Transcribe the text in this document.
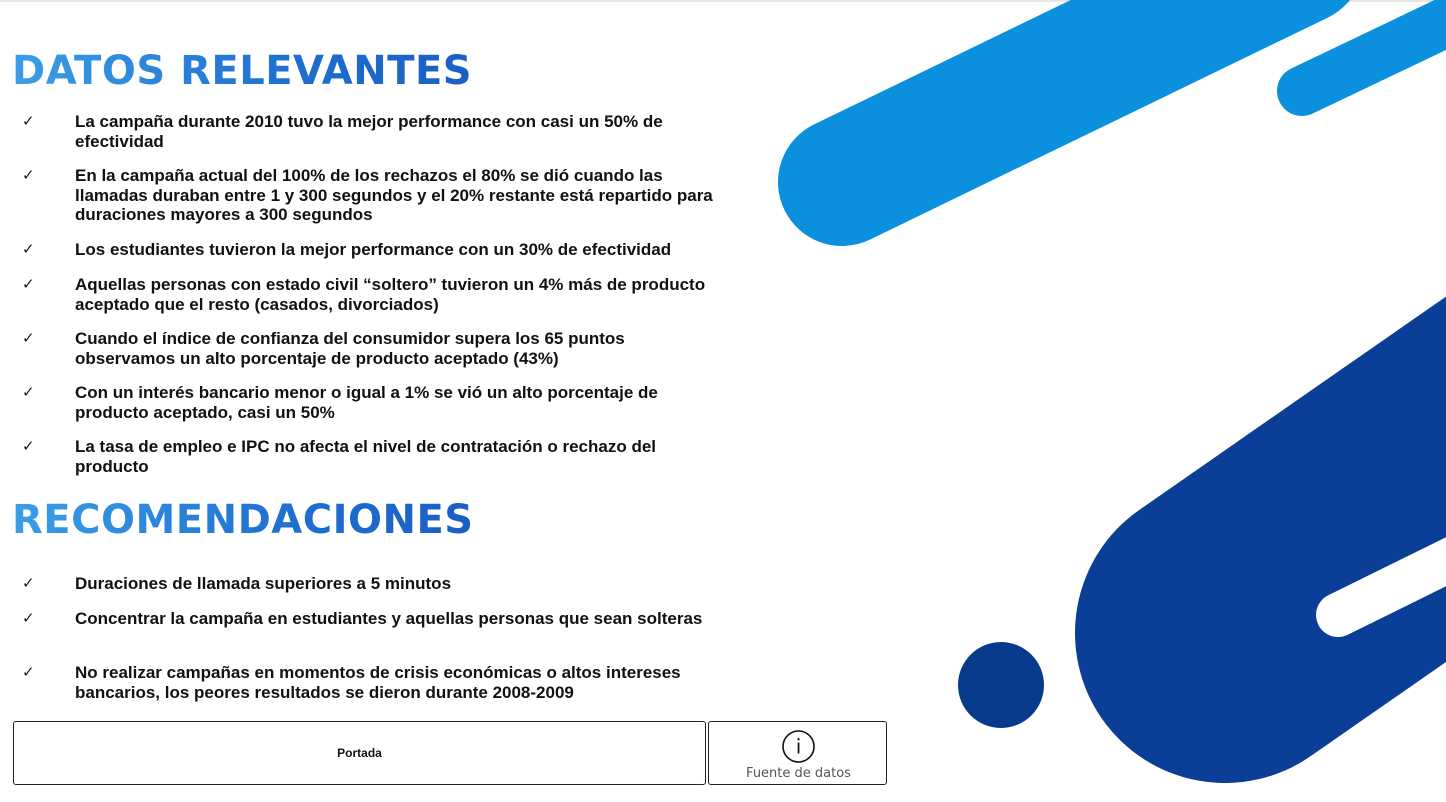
DATOS RELEVANTES
✓ La campaña durante 2010 tuvo la mejor performance con casi un 50% de efectividad
✓ En la campaña actual del 100% de los rechazos el 80% se dió cuando las llamadas duraban entre 1 y 300 segundos y el 20% restante está repartido para duraciones mayores a 300 segundos
✓ Los estudiantes tuvieron la mejor performance con un 30% de efectividad
✓ Aquellas personas con estado civil “soltero” tuvieron un 4% más de producto aceptado que el resto (casados, divorciados)
✓ Cuando el índice de confianza del consumidor supera los 65 puntos observamos un alto porcentaje de producto aceptado (43%)
✓ Con un interés bancario menor o igual a 1% se vió un alto porcentaje de producto aceptado, casi un 50%
✓ La tasa de empleo e IPC no afecta el nivel de contratación o rechazo del producto
RECOMENDACIONES
✓ Duraciones de llamada superiores a 5 minutos
✓ Concentrar la campaña en estudiantes y aquellas personas que sean solteras
✓ No realizar campañas en momentos de crisis económicas o altos intereses bancarios, los peores resultados se dieron durante 2008-2009
Portada	i
Fuente de datos
